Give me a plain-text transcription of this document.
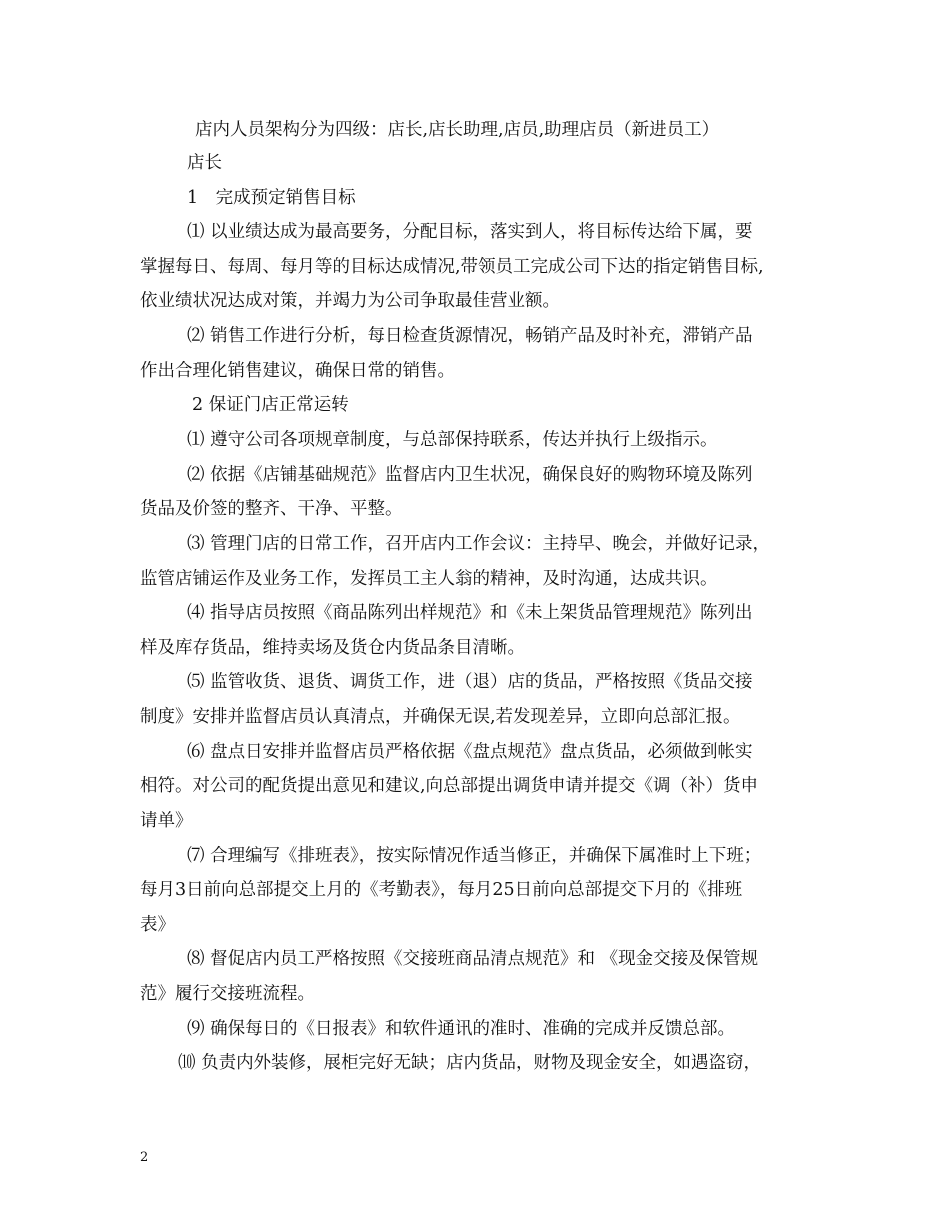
店内人员架构分为四级：店长,店长助理,店员,助理店员（新进员工）
店长
1　完成预定销售目标
⑴ 以业绩达成为最高要务，分配目标，落实到人，将目标传达给下属，要
掌握每日、每周、每月等的目标达成情况,带领员工完成公司下达的指定销售目标,
依业绩状况达成对策，并竭力为公司争取最佳营业额。
⑵ 销售工作进行分析，每日检查货源情况，畅销产品及时补充，滞销产品
作出合理化销售建议，确保日常的销售。
2 保证门店正常运转
⑴ 遵守公司各项规章制度，与总部保持联系，传达并执行上级指示。
⑵ 依据《店铺基础规范》监督店内卫生状况，确保良好的购物环境及陈列
货品及价签的整齐、干净、平整。
⑶ 管理门店的日常工作，召开店内工作会议：主持早、晚会，并做好记录，
监管店铺运作及业务工作，发挥员工主人翁的精神，及时沟通，达成共识。
⑷ 指导店员按照《商品陈列出样规范》和《未上架货品管理规范》陈列出
样及库存货品，维持卖场及货仓内货品条目清晰。
⑸ 监管收货、退货、调货工作，进（退）店的货品，严格按照《货品交接
制度》安排并监督店员认真清点，并确保无误,若发现差异，立即向总部汇报。
⑹ 盘点日安排并监督店员严格依据《盘点规范》盘点货品，必须做到帐实
相符。对公司的配货提出意见和建议,向总部提出调货申请并提交《调（补）货申
请单》
⑺ 合理编写《排班表》，按实际情况作适当修正，并确保下属准时上下班；
每月3日前向总部提交上月的《考勤表》，每月25日前向总部提交下月的《排班
表》
⑻ 督促店内员工严格按照《交接班商品清点规范》和 《现金交接及保管规
范》履行交接班流程。
⑼ 确保每日的《日报表》和软件通讯的准时、准确的完成并反馈总部。
⑽ 负责内外装修，展柜完好无缺；店内货品，财物及现金安全，如遇盗窃，
2
